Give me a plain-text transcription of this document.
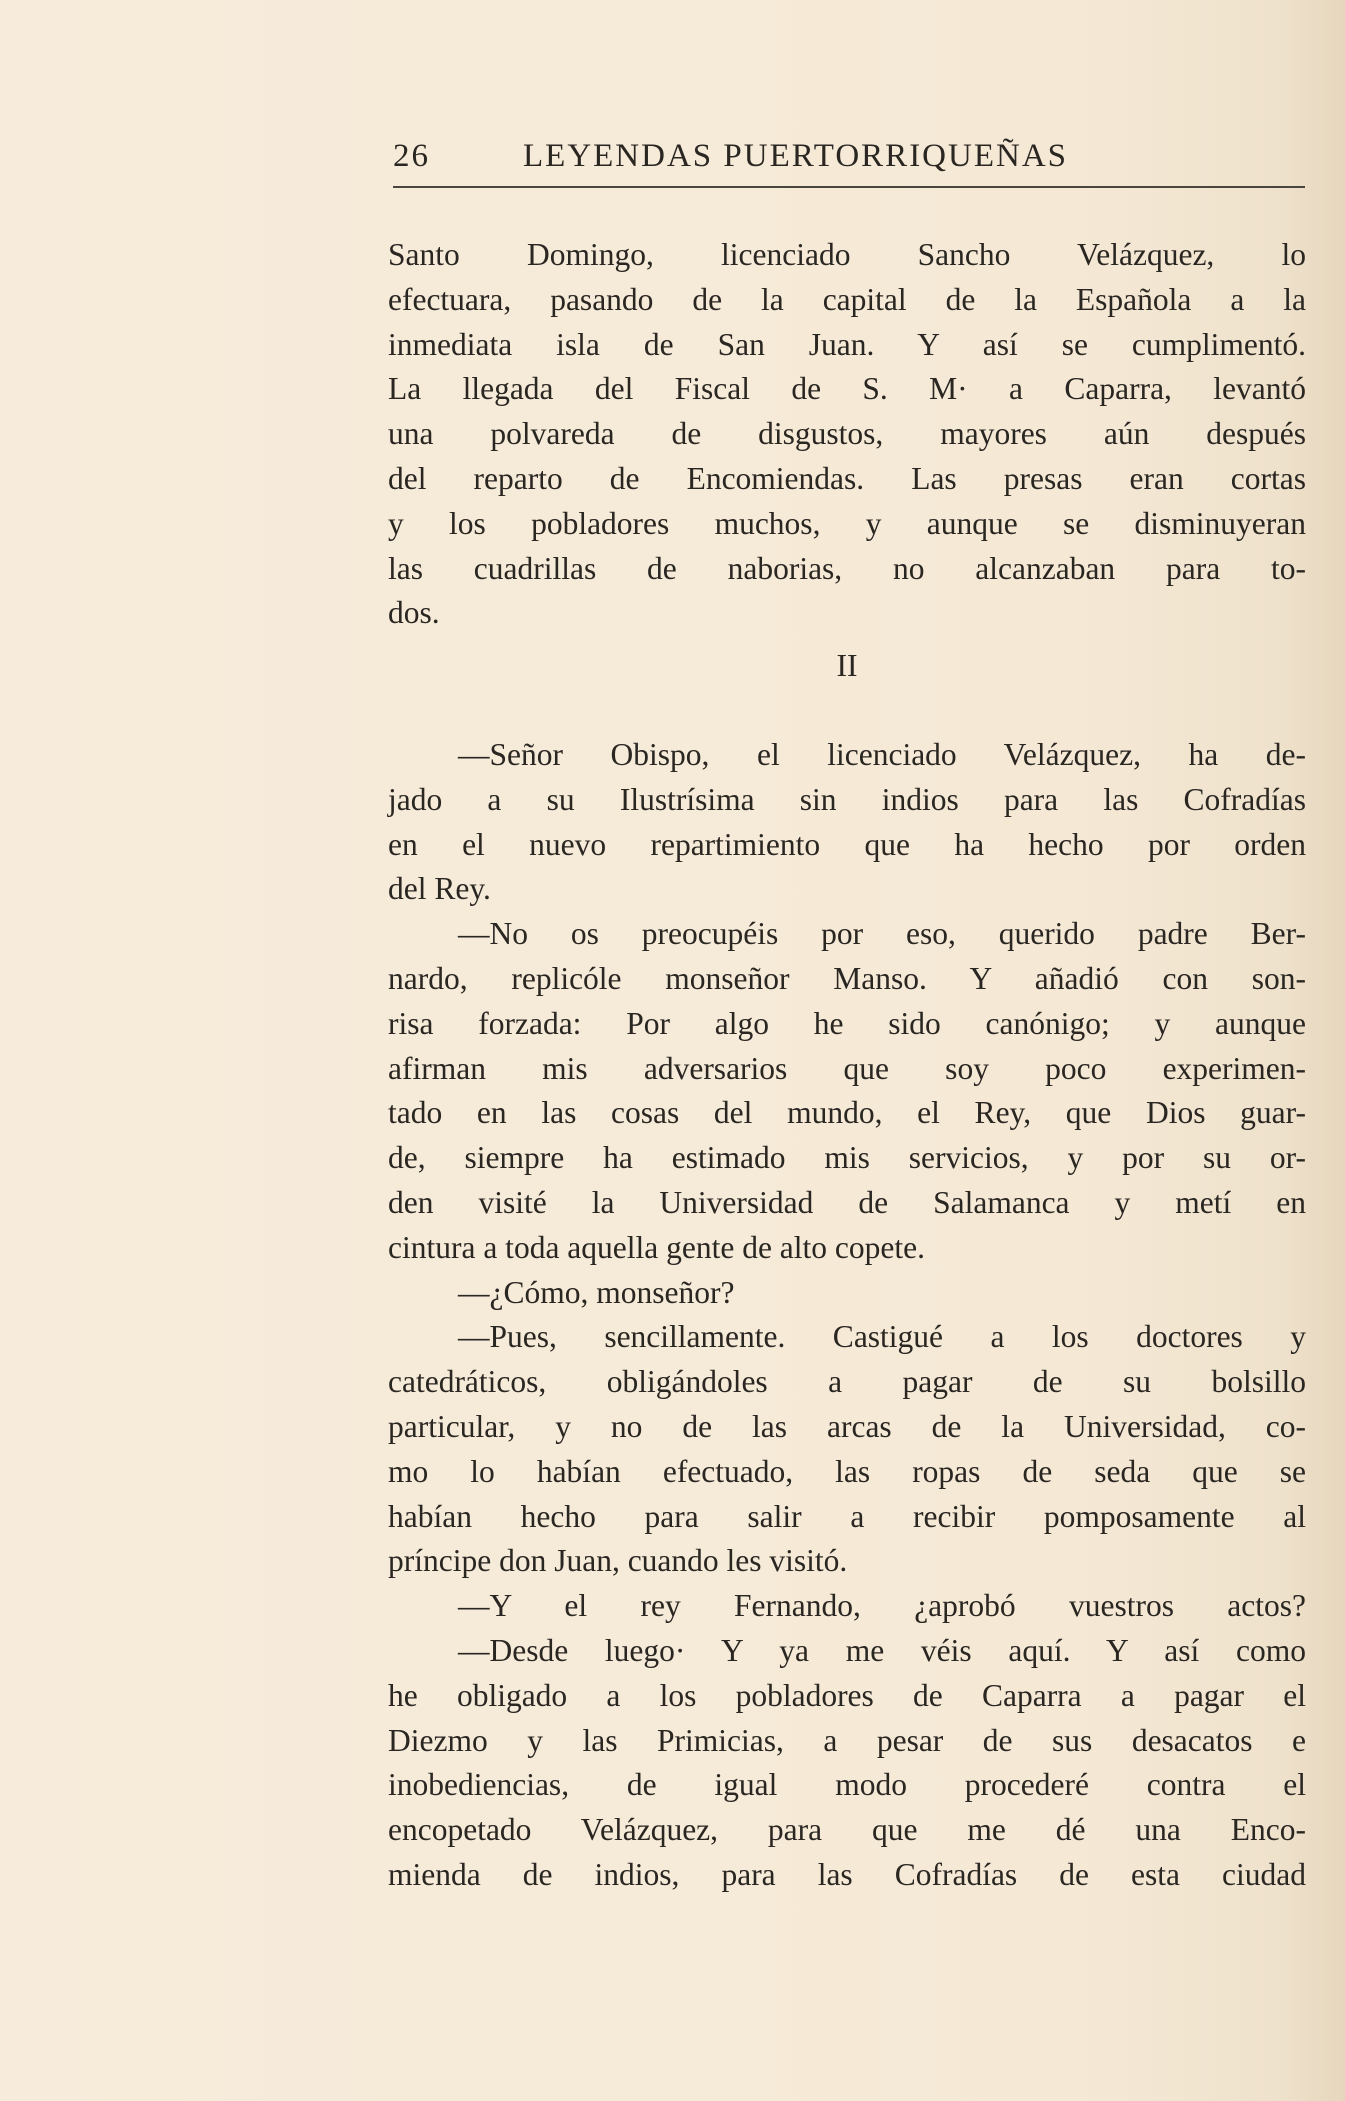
26	LEYENDAS PUERTORRIQUEÑAS
Santo Domingo, licenciado Sancho Velázquez, lo
efectuara, pasando de la capital de la Española a la
inmediata isla de San Juan. Y así se cumplimentó.
La llegada del Fiscal de S. M· a Caparra, levantó
una polvareda de disgustos, mayores aún después
del reparto de Encomiendas. Las presas eran cortas
y los pobladores muchos, y aunque se disminuyeran
las cuadrillas de naborias, no alcanzaban para to-
dos.
II
—Señor Obispo, el licenciado Velázquez, ha de-
jado a su Ilustrísima sin indios para las Cofradías
en el nuevo repartimiento que ha hecho por orden
del Rey.
—No os preocupéis por eso, querido padre Ber-
nardo, replicóle monseñor Manso. Y añadió con son-
risa forzada: Por algo he sido canónigo; y aunque
afirman mis adversarios que soy poco experimen-
tado en las cosas del mundo, el Rey, que Dios guar-
de, siempre ha estimado mis servicios, y por su or-
den visité la Universidad de Salamanca y metí en
cintura a toda aquella gente de alto copete.
—¿Cómo, monseñor?
—Pues, sencillamente. Castigué a los doctores y
catedráticos, obligándoles a pagar de su bolsillo
particular, y no de las arcas de la Universidad, co-
mo lo habían efectuado, las ropas de seda que se
habían hecho para salir a recibir pomposamente al
príncipe don Juan, cuando les visitó.
—Y el rey Fernando, ¿aprobó vuestros actos?
—Desde luego· Y ya me véis aquí. Y así como
he obligado a los pobladores de Caparra a pagar el
Diezmo y las Primicias, a pesar de sus desacatos e
inobediencias, de igual modo procederé contra el
encopetado Velázquez, para que me dé una Enco-
mienda de indios, para las Cofradías de esta ciudad
